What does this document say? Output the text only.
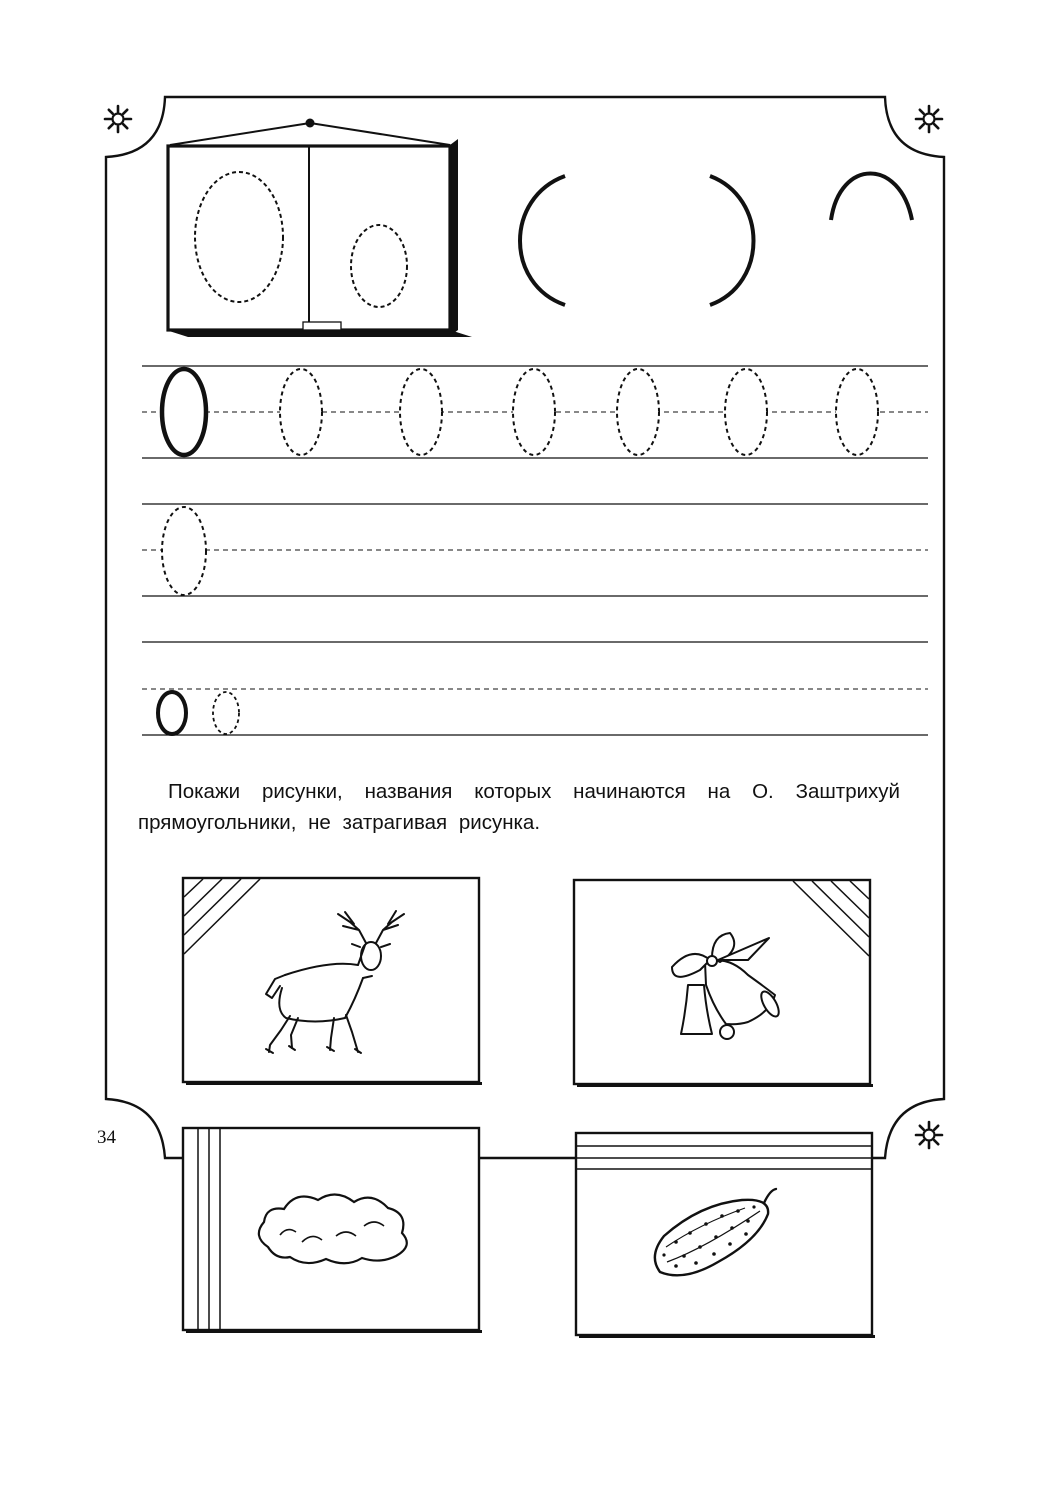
Покажи рисунки, названия которых начинаются на О. Заштрихуй прямоугольники, не затрагивая рисунка.

34
